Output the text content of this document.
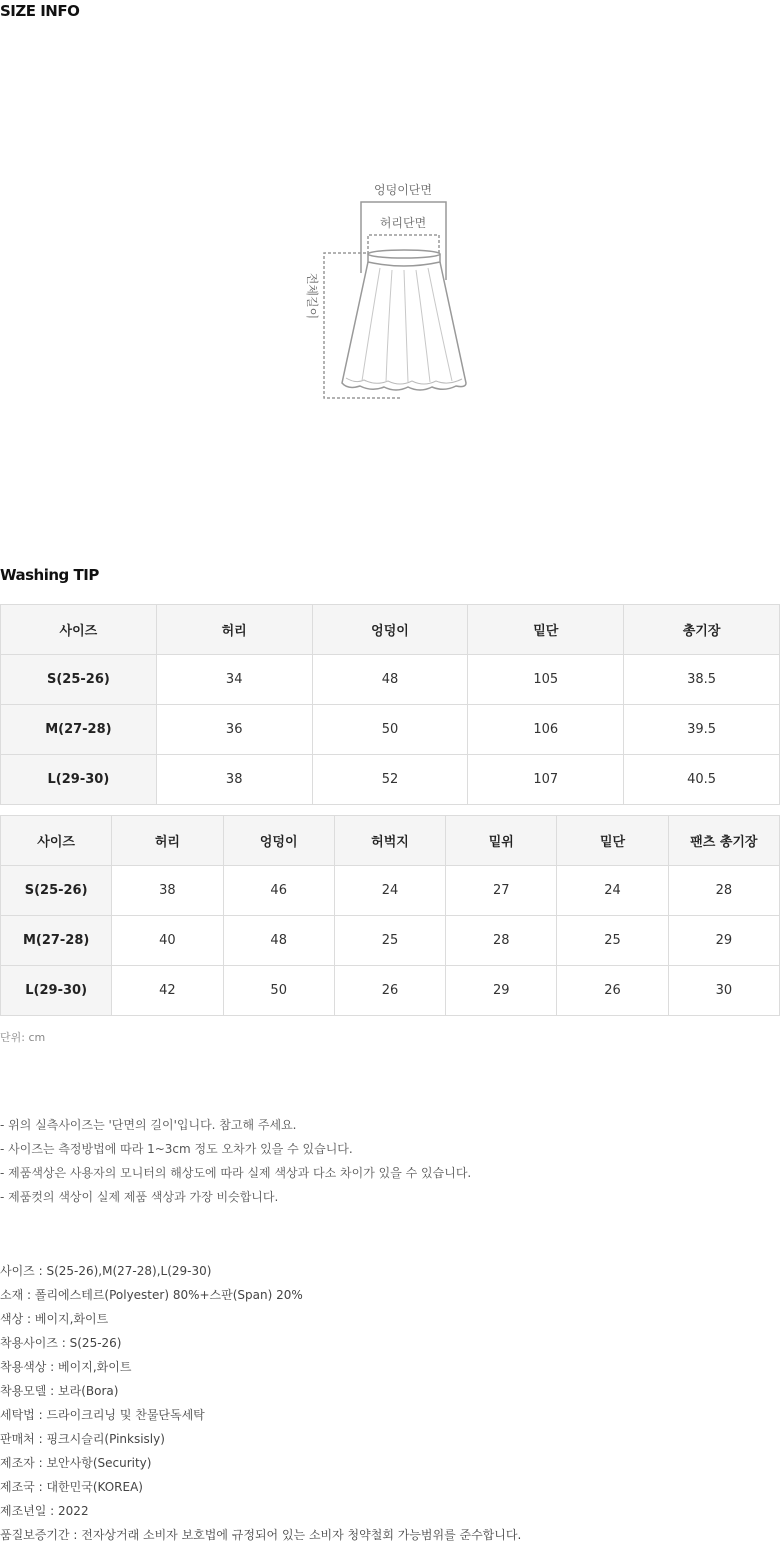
SIZE INFO
엉덩이단면
허리단면
전체길이
Washing TIP
사이즈	허리	엉덩이	밑단	총기장
S(25-26)	34	48	105	38.5
M(27-28)	36	50	106	39.5
L(29-30)	38	52	107	40.5
사이즈	허리	엉덩이	허벅지	밑위	밑단	팬츠 총기장
S(25-26)	38	46	24	27	24	28
M(27-28)	40	48	25	28	25	29
L(29-30)	42	50	26	29	26	30
단위: cm
- 위의 실측사이즈는 '단면의 길이'입니다. 참고해 주세요.
- 사이즈는 측정방법에 따라 1~3cm 정도 오차가 있을 수 있습니다.
- 제품색상은 사용자의 모니터의 해상도에 따라 실제 색상과 다소 차이가 있을 수 있습니다.
- 제품컷의 색상이 실제 제품 색상과 가장 비슷합니다.
사이즈 : S(25-26),M(27-28),L(29-30)
소재 : 폴리에스테르(Polyester) 80%+스판(Span) 20%
색상 : 베이지,화이트
착용사이즈 : S(25-26)
착용색상 : 베이지,화이트
착용모델 : 보라(Bora)
세탁법 : 드라이크리닝 및 찬물단독세탁
판매처 : 핑크시슬리(Pinksisly)
제조자 : 보안사항(Security)
제조국 : 대한민국(KOREA)
제조년일 : 2022
품질보증기간 : 전자상거래 소비자 보호법에 규정되어 있는 소비자 청약철회 가능범위를 준수합니다.
